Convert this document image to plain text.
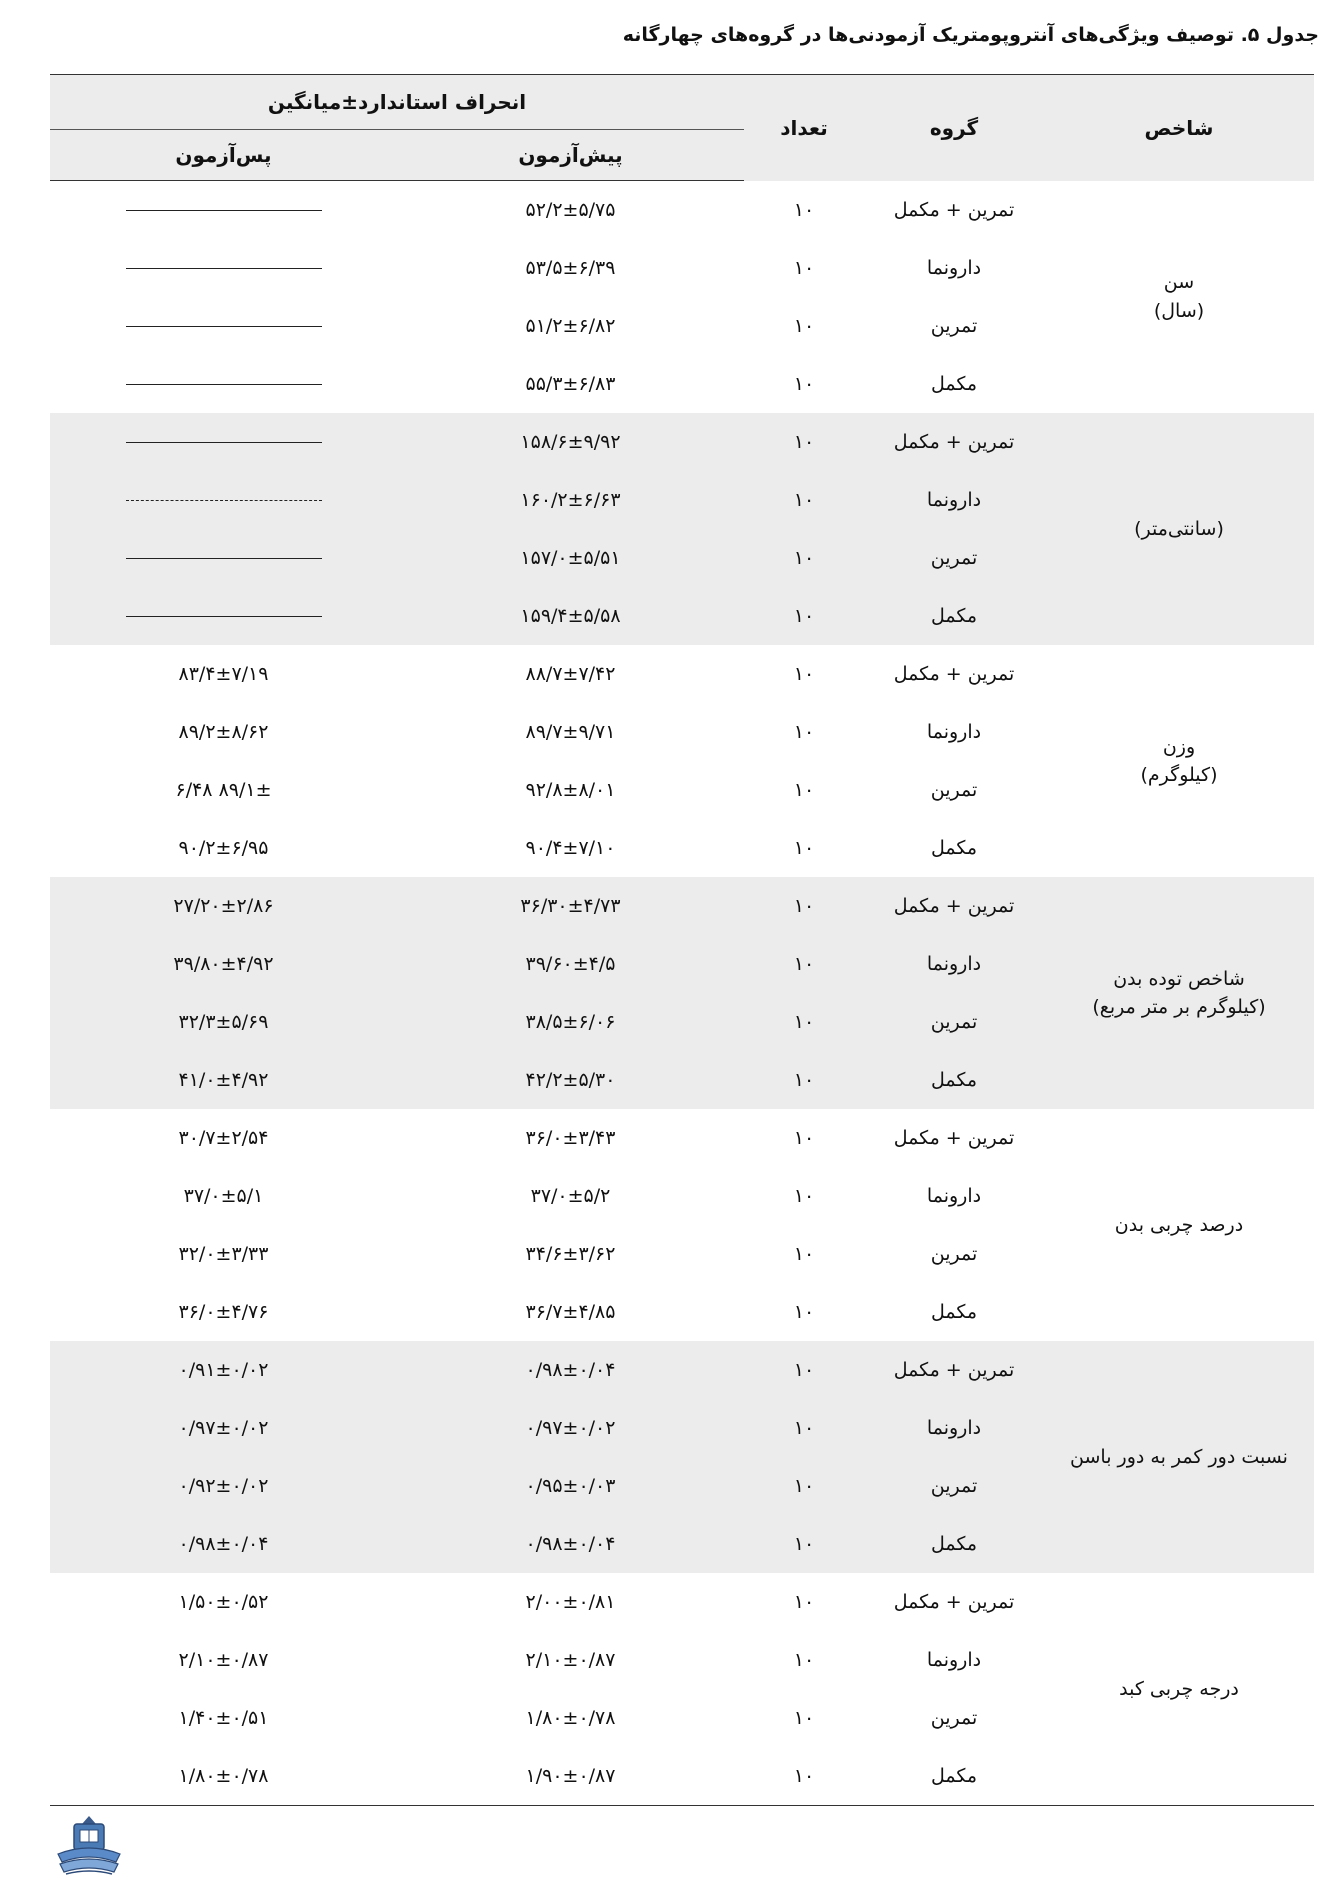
جدول ۵. توصیف ویژگی‌های آنتروپومتریک آزمودنی‌ها در گروه‌های چهارگانه
شاخص	گروه	تعداد	انحراف استاندارد±میانگین	
			پیش‌آزمون	پس‌آزمون

سن
(سال)	تمرین + مکمل	۱۰	۵۲/۲±۵/۷۵	
	دارونما	۱۰	۵۳/۵±۶/۳۹	
	تمرین	۱۰	۵۱/۲±۶/۸۲	
	مکمل	۱۰	۵۵/۳±۶/۸۳	

(سانتی‌متر)	تمرین + مکمل	۱۰	۱۵۸/۶±۹/۹۲	
	دارونما	۱۰	۱۶۰/۲±۶/۶۳	
	تمرین	۱۰	۱۵۷/۰±۵/۵۱	
	مکمل	۱۰	۱۵۹/۴±۵/۵۸	

وزن
(کیلوگرم)	تمرین + مکمل	۱۰	۸۸/۷±۷/۴۲	۸۳/۴±۷/۱۹
	دارونما	۱۰	۸۹/۷±۹/۷۱	۸۹/۲±۸/۶۲
	تمرین	۱۰	۹۲/۸±۸/۰۱	۸۹/۱± ۶/۴۸
	مکمل	۱۰	۹۰/۴±۷/۱۰	۹۰/۲±۶/۹۵

شاخص توده بدن
(کیلوگرم بر متر مربع)	تمرین + مکمل	۱۰	۳۶/۳۰±۴/۷۳	۲۷/۲۰±۲/۸۶
	دارونما	۱۰	۳۹/۶۰±۴/۵	۳۹/۸۰±۴/۹۲
	تمرین	۱۰	۳۸/۵±۶/۰۶	۳۲/۳±۵/۶۹
	مکمل	۱۰	۴۲/۲±۵/۳۰	۴۱/۰±۴/۹۲

درصد چربی بدن	تمرین + مکمل	۱۰	۳۶/۰±۳/۴۳	۳۰/۷±۲/۵۴
	دارونما	۱۰	۳۷/۰±۵/۲	۳۷/۰±۵/۱
	تمرین	۱۰	۳۴/۶±۳/۶۲	۳۲/۰±۳/۳۳
	مکمل	۱۰	۳۶/۷±۴/۸۵	۳۶/۰±۴/۷۶

نسبت دور کمر به دور باسن	تمرین + مکمل	۱۰	۰/۹۸±۰/۰۴	۰/۹۱±۰/۰۲
	دارونما	۱۰	۰/۹۷±۰/۰۲	۰/۹۷±۰/۰۲
	تمرین	۱۰	۰/۹۵±۰/۰۳	۰/۹۲±۰/۰۲
	مکمل	۱۰	۰/۹۸±۰/۰۴	۰/۹۸±۰/۰۴

درجه چربی کبد	تمرین + مکمل	۱۰	۲/۰۰±۰/۸۱	۱/۵۰±۰/۵۲
	دارونما	۱۰	۲/۱۰±۰/۸۷	۲/۱۰±۰/۸۷
	تمرین	۱۰	۱/۸۰±۰/۷۸	۱/۴۰±۰/۵۱
	مکمل	۱۰	۱/۹۰±۰/۸۷	۱/۸۰±۰/۷۸
